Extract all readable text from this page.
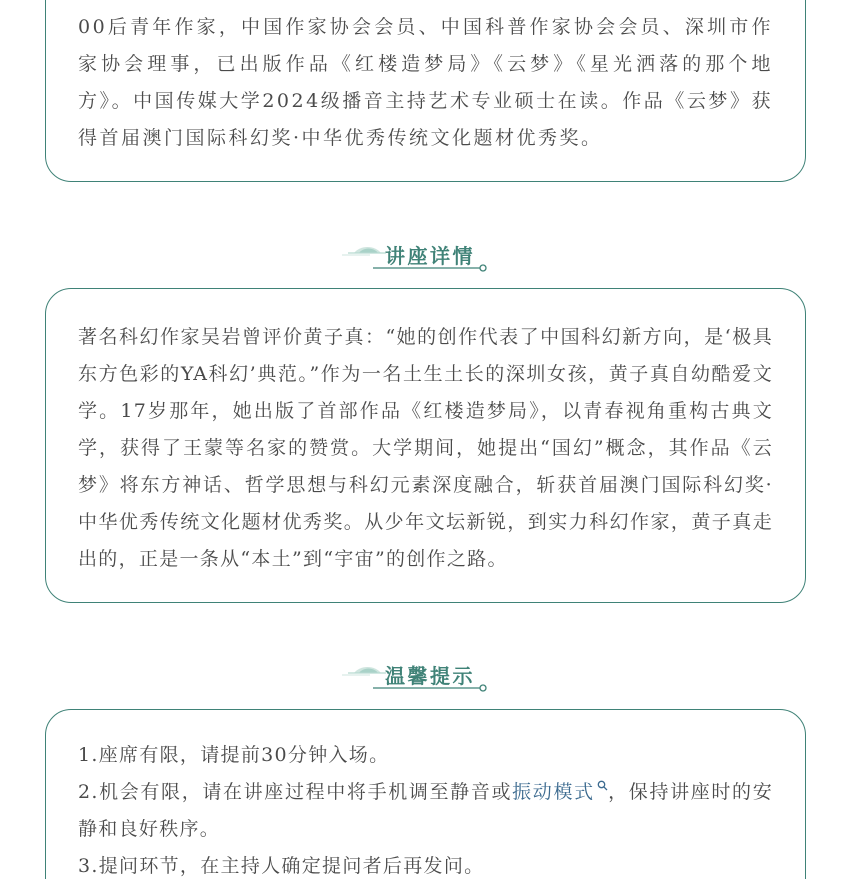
00后青年作家，中国作家协会会员、中国科普作家协会会员、深圳市作家协会理事，已出版作品《红楼造梦局》《云梦》《星光洒落的那个地方》。中国传媒大学2024级播音主持艺术专业硕士在读。作品《云梦》获得首届澳门国际科幻奖·中华优秀传统文化题材优秀奖。

讲座详情

著名科幻作家吴岩曾评价黄子真：“她的创作代表了中国科幻新方向，是‘极具东方色彩的YA科幻’典范。”作为一名土生土长的深圳女孩，黄子真自幼酷爱文学。17岁那年，她出版了首部作品《红楼造梦局》，以青春视角重构古典文学，获得了王蒙等名家的赞赏。大学期间，她提出“国幻”概念，其作品《云梦》将东方神话、哲学思想与科幻元素深度融合，斩获首届澳门国际科幻奖·中华优秀传统文化题材优秀奖。从少年文坛新锐，到实力科幻作家，黄子真走出的，正是一条从“本土”到“宇宙”的创作之路。

温馨提示

1.座席有限，请提前30分钟入场。

2.机会有限，请在讲座过程中将手机调至静音或振动模式 ，保持讲座时的安静和良好秩序。

3.提问环节，在主持人确定提问者后再发问。
